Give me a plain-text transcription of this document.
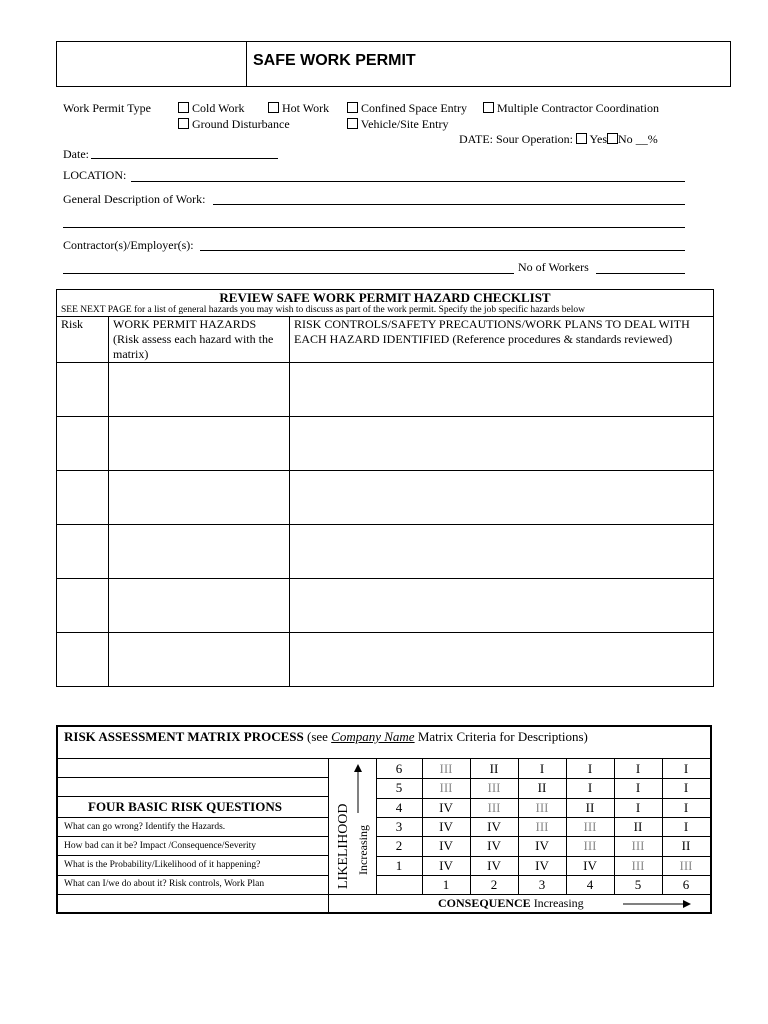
SAFE WORK PERMIT
Work Permit Type	Cold Work	Hot Work	Confined Space Entry	Multiple Contractor Coordination
Ground Disturbance	Vehicle/Site Entry
DATE: Sour Operation: Yes No __%
Date:
LOCATION:
General Description of Work:
Contractor(s)/Employer(s):
No of Workers
REVIEW SAFE WORK PERMIT HAZARD CHECKLIST		
SEE NEXT PAGE for a list of general hazards you may wish to discuss as part of the work permit. Specify the job specific hazards below		
Risk	WORK PERMIT HAZARDS (Risk assess each hazard with the matrix)	RISK CONTROLS/SAFETY PRECAUTIONS/WORK PLANS TO DEAL WITH EACH HAZARD IDENTIFIED (Reference procedures & standards reviewed)

RISK ASSESSMENT MATRIX PROCESS (see Company Name Matrix Criteria for Descriptions)
FOUR BASIC RISK QUESTIONS
What can go wrong? Identify the Hazards.
How bad can it be? Impact /Consequence/Severity
What is the Probability/Likelihood of it happening?
What can I/we do about it? Risk controls, Work Plan	LIKELIHOOD Increasing
6	III	II	I	I	I	I
5	III	III	II	I	I	I
4	IV	III	III	II	I	I
3	IV	IV	III	III	II	I
2	IV	IV	IV	III	III	II
1	IV	IV	IV	IV	III	III
1	2	3	4	5	6
CONSEQUENCE Increasing
